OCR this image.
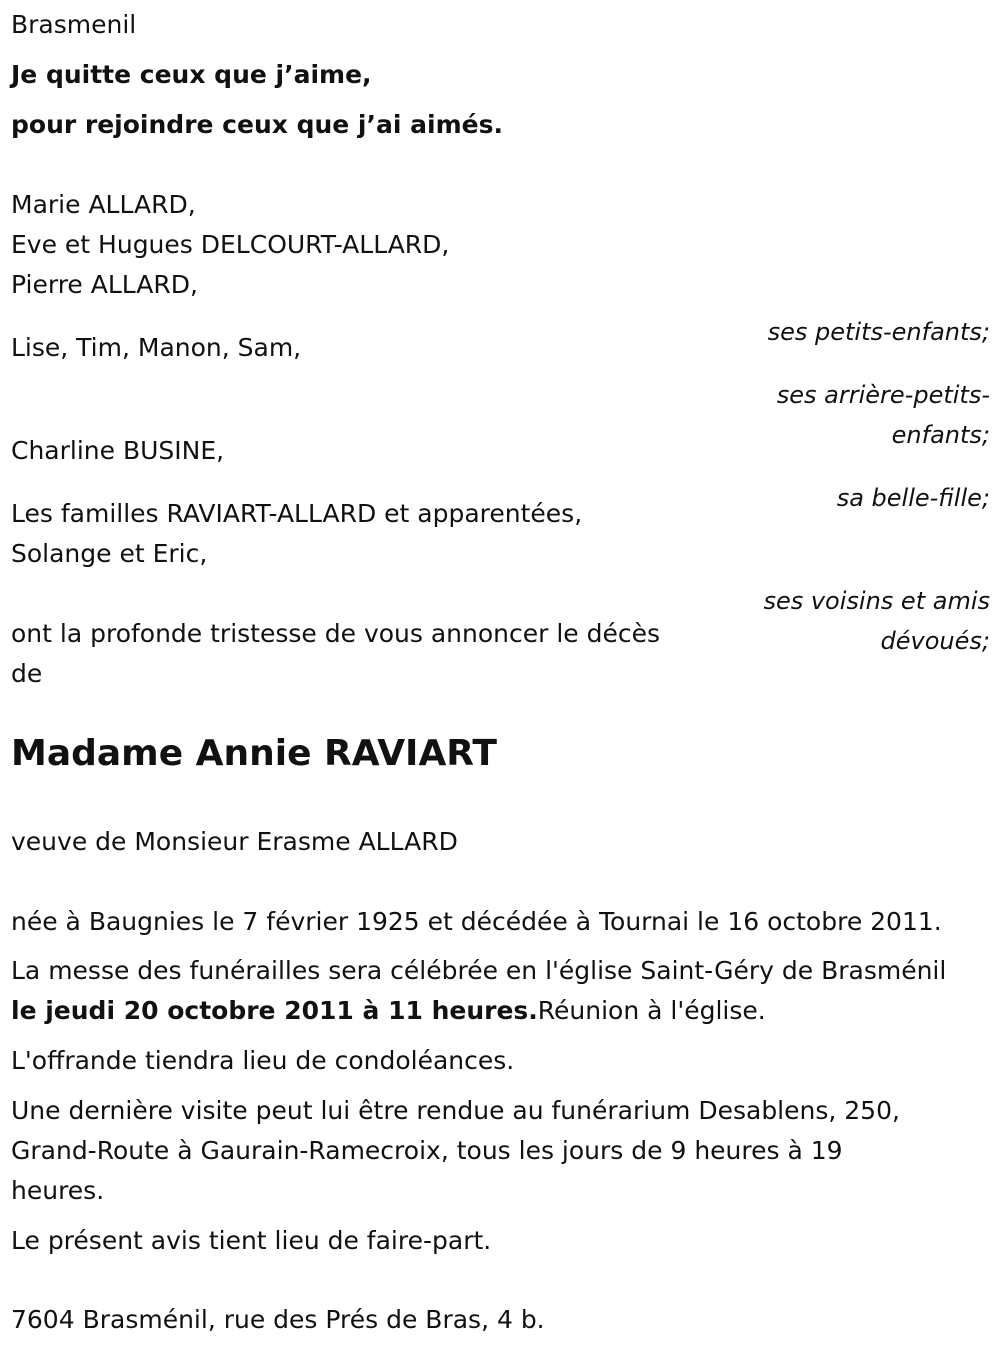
Brasmenil

Je quitte ceux que j’aime,

pour rejoindre ceux que j’ai aimés.

Marie ALLARD,

Eve et Hugues DELCOURT-ALLARD,

Pierre ALLARD,

ses petits-enfants;

Lise, Tim, Manon, Sam,

ses arrière-petits-

enfants;

Charline BUSINE,

sa belle-fille;

Les familles RAVIART-ALLARD et apparentées,

Solange et Eric,

ses voisins et amis

dévoués;

ont la profonde tristesse de vous annoncer le décès

de

Madame Annie RAVIART

veuve de Monsieur Erasme ALLARD

née à Baugnies le 7 février 1925 et décédée à Tournai le 16 octobre 2011.

La messe des funérailles sera célébrée en l'église Saint-Géry de Brasménil

le jeudi 20 octobre 2011 à 11 heures.Réunion à l'église.

L'offrande tiendra lieu de condoléances.

Une dernière visite peut lui être rendue au funérarium Desablens, 250,

Grand-Route à Gaurain-Ramecroix, tous les jours de 9 heures à 19

heures.

Le présent avis tient lieu de faire-part.

7604 Brasménil, rue des Prés de Bras, 4 b.
